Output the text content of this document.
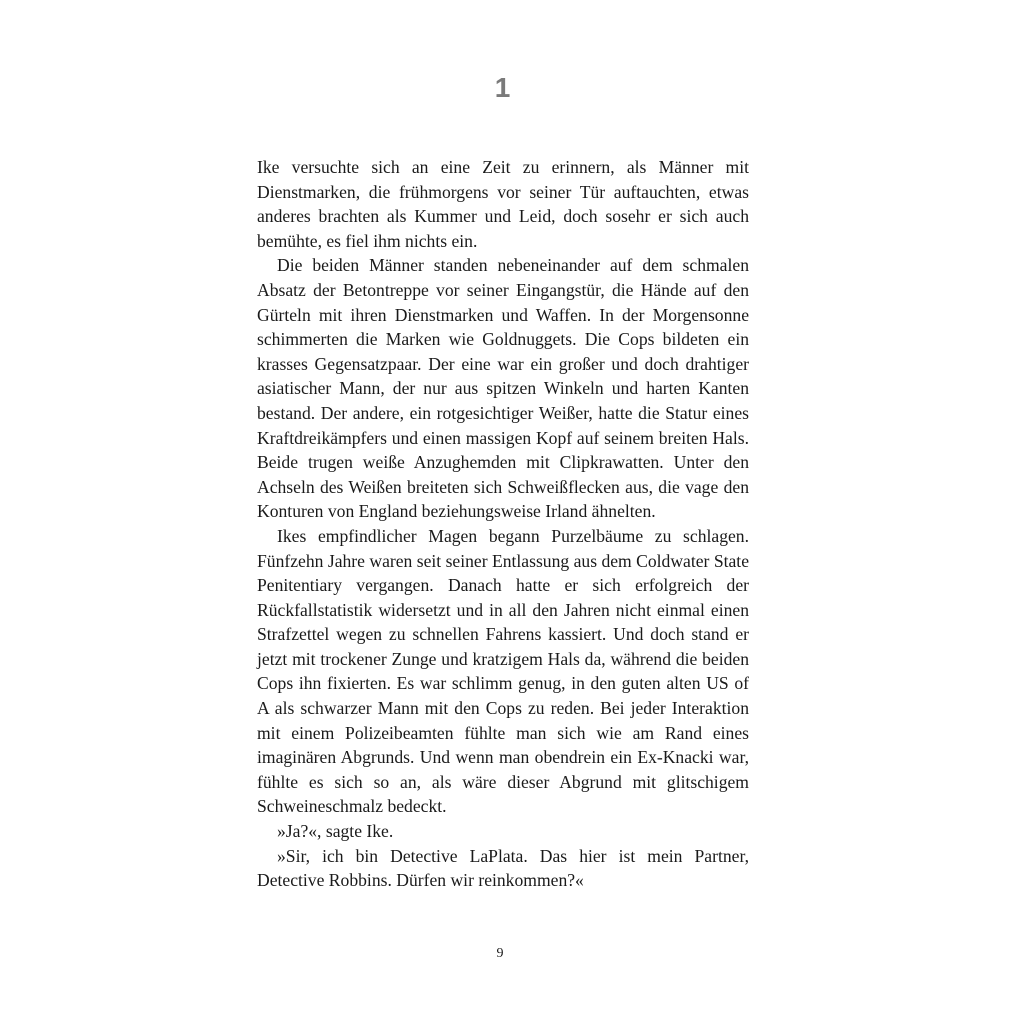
1

Ike versuchte sich an eine Zeit zu erinnern, als Männer mit Dienstmarken, die frühmorgens vor seiner Tür auftauchten, etwas anderes brachten als Kummer und Leid, doch sosehr er sich auch bemühte, es fiel ihm nichts ein.

Die beiden Männer standen nebeneinander auf dem schmalen Absatz der Betontreppe vor seiner Eingangstür, die Hände auf den Gürteln mit ihren Dienstmarken und Waffen. In der Morgensonne schimmerten die Marken wie Goldnuggets. Die Cops bildeten ein krasses Gegensatzpaar. Der eine war ein großer und doch drahtiger asiatischer Mann, der nur aus spitzen Winkeln und harten Kanten bestand. Der andere, ein rotgesichtiger Weißer, hatte die Statur eines Kraftdreikämpfers und einen massigen Kopf auf seinem breiten Hals. Beide trugen weiße Anzughemden mit Clipkrawatten. Unter den Achseln des Weißen breiteten sich Schweißflecken aus, die vage den Konturen von England beziehungsweise Irland ähnelten.

Ikes empfindlicher Magen begann Purzelbäume zu schlagen. Fünfzehn Jahre waren seit seiner Entlassung aus dem Coldwater State Penitentiary vergangen. Danach hatte er sich erfolgreich der Rückfallstatistik widersetzt und in all den Jahren nicht einmal einen Strafzettel wegen zu schnellen Fahrens kassiert. Und doch stand er jetzt mit trockener Zunge und kratzigem Hals da, während die beiden Cops ihn fixierten. Es war schlimm genug, in den guten alten US of A als schwarzer Mann mit den Cops zu reden. Bei jeder Interaktion mit einem Polizeibeamten fühlte man sich wie am Rand eines imaginären Abgrunds. Und wenn man obendrein ein Ex-Knacki war, fühlte es sich so an, als wäre dieser Abgrund mit glitschigem Schweineschmalz bedeckt.

»Ja?«, sagte Ike.

»Sir, ich bin Detective LaPlata. Das hier ist mein Partner, Detective Robbins. Dürfen wir reinkommen?«

9
